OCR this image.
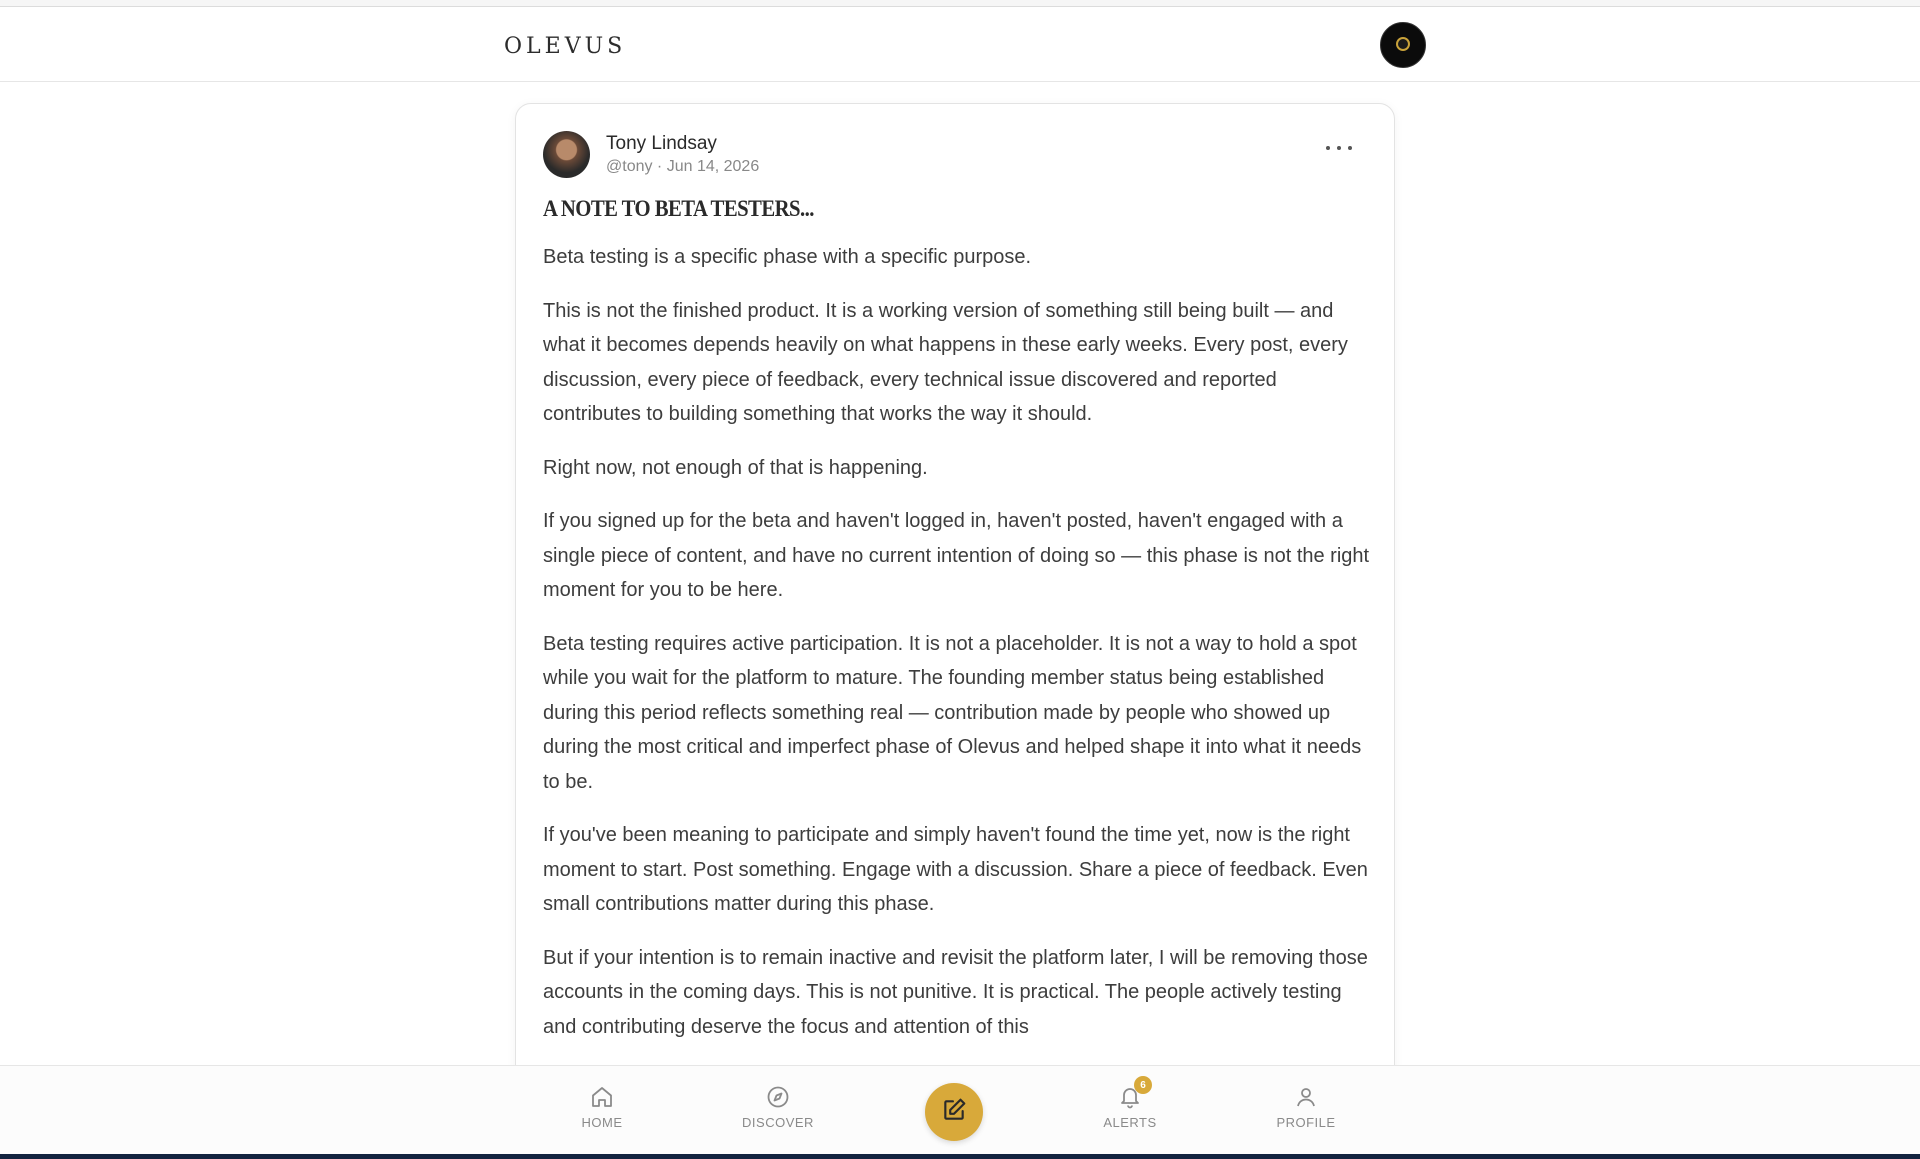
OLEVUS
Tony Lindsay
@tony · Jun 14, 2026
A NOTE TO BETA TESTERS...

Beta testing is a specific phase with a specific purpose.

This is not the finished product. It is a working version of something still being built — and what it becomes depends heavily on what happens in these early weeks. Every post, every discussion, every piece of feedback, every technical issue discovered and reported contributes to building something that works the way it should.

Right now, not enough of that is happening.

If you signed up for the beta and haven't logged in, haven't posted, haven't engaged with a single piece of content, and have no current intention of doing so — this phase is not the right moment for you to be here.

Beta testing requires active participation. It is not a placeholder. It is not a way to hold a spot while you wait for the platform to mature. The founding member status being established during this period reflects something real — contribution made by people who showed up during the most critical and imperfect phase of Olevus and helped shape it into what it needs to be.

If you've been meaning to participate and simply haven't found the time yet, now is the right moment to start. Post something. Engage with a discussion. Share a piece of feedback. Even small contributions matter during this phase.

But if your intention is to remain inactive and revisit the platform later, I will be removing those accounts in the coming days. This is not punitive. It is practical. The people actively testing and contributing deserve the focus and attention of this

HOME	DISCOVER
6
ALERTS	PROFILE
